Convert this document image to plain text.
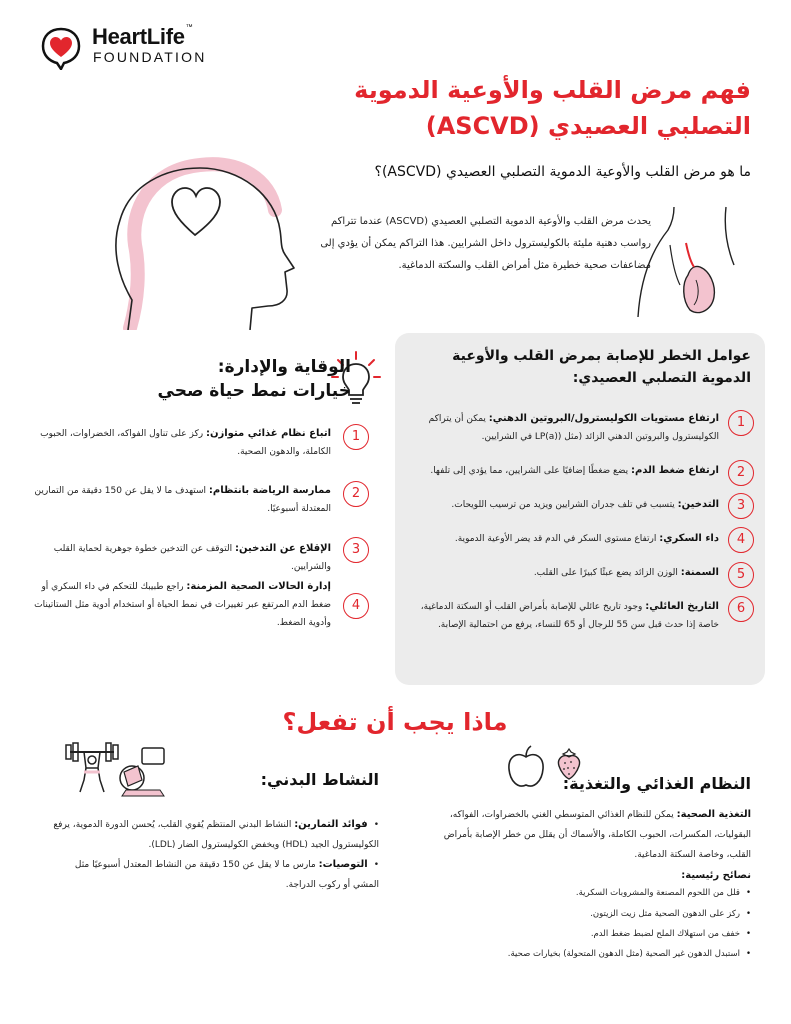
HeartLife™
FOUNDATION
فهم مرض القلب والأوعية الدموية
التصلبي العصيدي (ASCVD)
ما هو مرض القلب والأوعية الدموية التصلبي العصيدي (ASCVD)؟
يحدث مرض القلب والأوعية الدموية التصلبي العصيدي (ASCVD) عندما تتراكم رواسب دهنية مليئة بالكوليسترول داخل الشرايين. هذا التراكم يمكن أن يؤدي إلى مضاعفات صحية خطيرة مثل أمراض القلب والسكتة الدماغية.
عوامل الخطر للإصابة بمرض القلب والأوعية الدموية التصلبي العصيدي:
1
ارتفاع مستويات الكوليسترول/البروتين الدهني: يمكن أن يتراكم الكوليسترول والبروتين الدهني الزائد (مثل (LP(a) في الشرايين.
2
ارتفاع ضغط الدم: يضع ضغطًا إضافيًا على الشرايين، مما يؤدي إلى تلفها.
3
التدخين: يتسبب في تلف جدران الشرايين ويزيد من ترسيب اللويحات.
4
داء السكري: ارتفاع مستوى السكر في الدم قد يضر الأوعية الدموية.
5
السمنة: الوزن الزائد يضع عبئًا كبيرًا على القلب.
6
التاريخ العائلي: وجود تاريخ عائلي للإصابة بأمراض القلب أو السكتة الدماغية، خاصة إذا حدث قبل سن 55 للرجال أو 65 للنساء، يرفع من احتمالية الإصابة.
الوقاية والإدارة:
خيارات نمط حياة صحي
1
اتباع نظام غذائي متوازن: ركز على تناول الفواكه، الخضراوات، الحبوب الكاملة، والدهون الصحية.
2
ممارسة الرياضة بانتظام: استهدف ما لا يقل عن 150 دقيقة من التمارين المعتدلة أسبوعيًا.
3
الإقلاع عن التدخين: التوقف عن التدخين خطوة جوهرية لحماية القلب والشرايين.
4
إدارة الحالات الصحية المزمنة: راجع طبيبك للتحكم في داء السكري أو ضغط الدم المرتفع عبر تغييرات في نمط الحياة أو استخدام أدوية مثل الستاتينات وأدوية الضغط.
ماذا يجب أن تفعل؟
النظام الغذائي والتغذية:
التغذية الصحية: يمكن للنظام الغذائي المتوسطي الغني بالخضراوات، الفواكه، البقوليات، المكسرات، الحبوب الكاملة، والأسماك أن يقلل من خطر الإصابة بأمراض القلب، وخاصة السكتة الدماغية.
نصائح رئيسية:
• قلل من اللحوم المصنعة والمشروبات السكرية.
• ركز على الدهون الصحية مثل زيت الزيتون.
• خفف من استهلاك الملح لضبط ضغط الدم.
• استبدل الدهون غير الصحية (مثل الدهون المتحولة) بخيارات صحية.
النشاط البدني:
•فوائد التمارين: النشاط البدني المنتظم يُقوي القلب، يُحسن الدورة الدموية، يرفع الكوليسترول الجيد (HDL) ويخفض الكوليسترول الضار (LDL).
•التوصيات: مارس ما لا يقل عن 150 دقيقة من النشاط المعتدل أسبوعيًا مثل المشي أو ركوب الدراجة.
